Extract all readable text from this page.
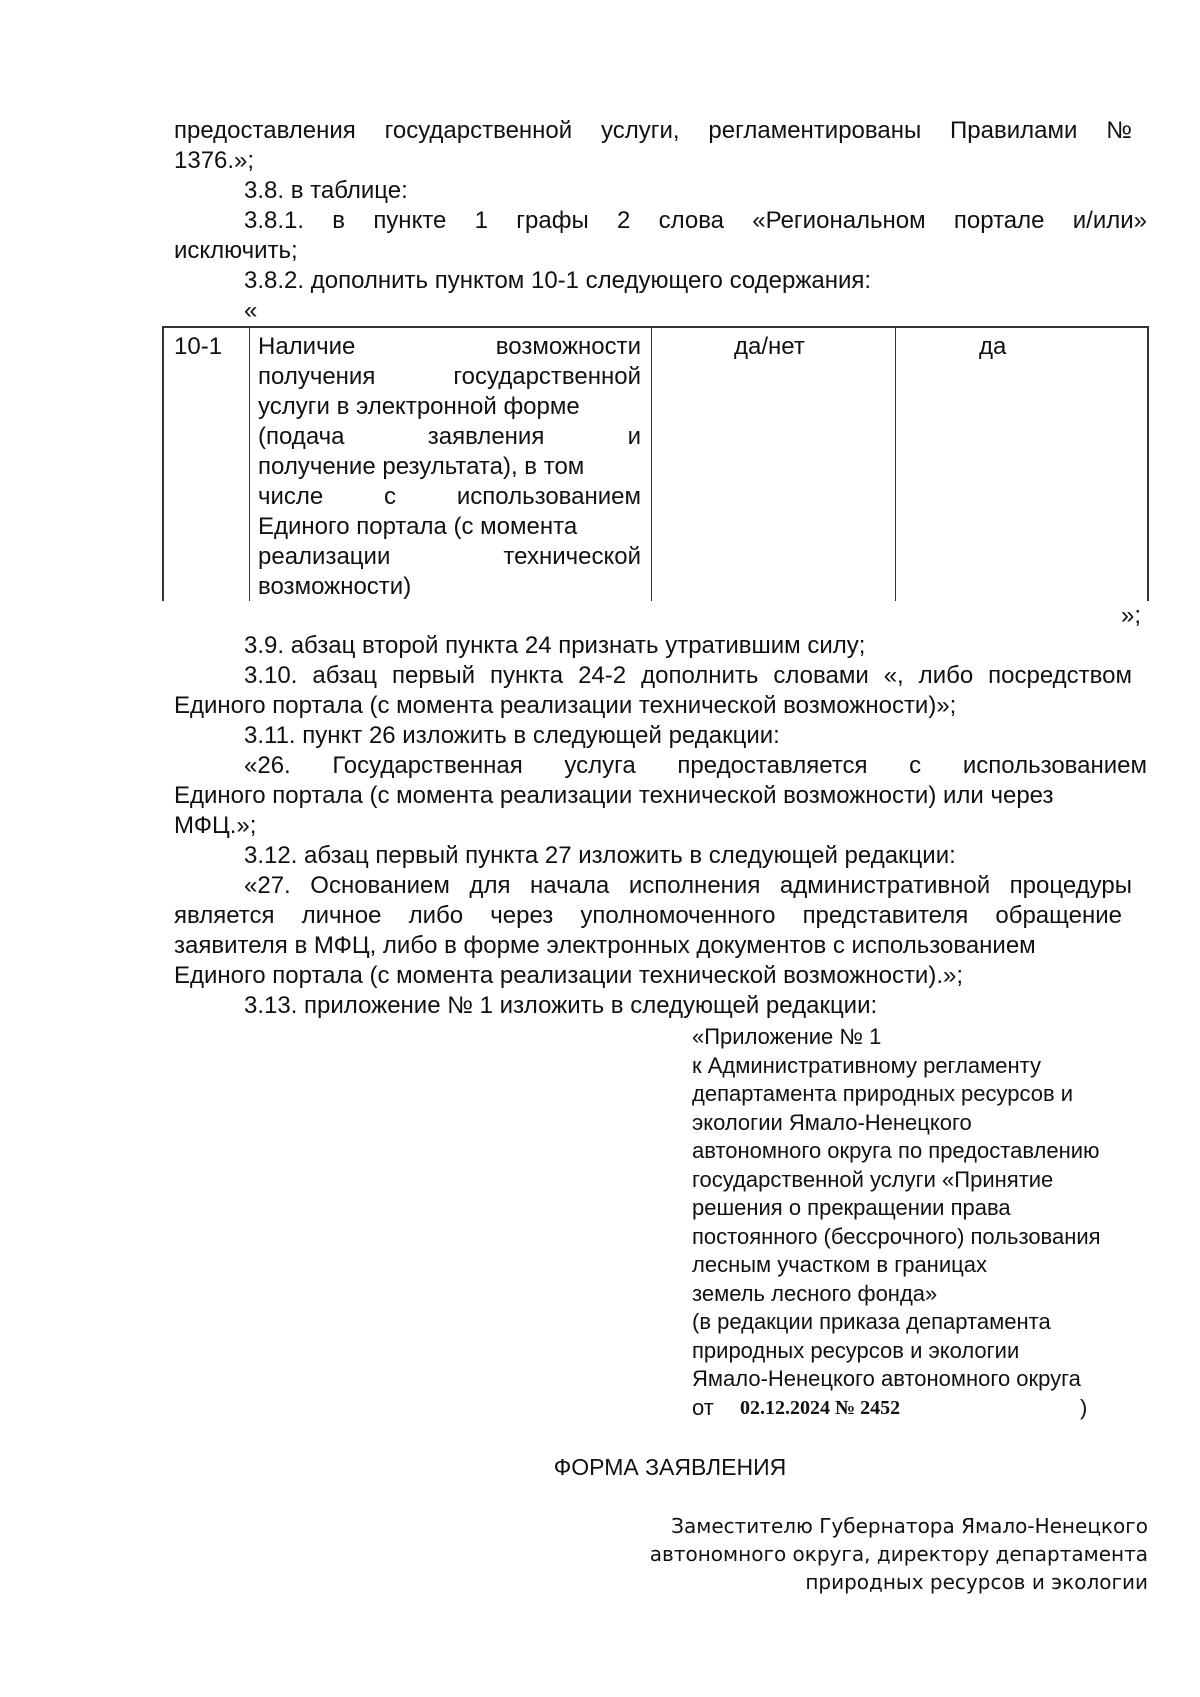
предоставления государственной услуги, регламентированы Правилами №
1376.»;
3.8. в таблице:
3.8.1. в пункте 1 графы 2 слова «Региональном портале и/или»
исключить;
3.8.2. дополнить пунктом 10-1 следующего содержания:
«
10-1 Наличие возможности
получения государственной
услуги в электронной форме
(подача заявления и
получение результата), в том
числе с использованием
Единого портала (с момента
реализации технической
возможности)
да/нет	да
»;
3.9. абзац второй пункта 24 признать утратившим силу;
3.10. абзац первый пункта 24-2 дополнить словами «, либо посредством
Единого портала (с момента реализации технической возможности)»;
3.11. пункт 26 изложить в следующей редакции:
«26. Государственная услуга предоставляется с использованием
Единого портала (с момента реализации технической возможности) или через
МФЦ.»;
3.12. абзац первый пункта 27 изложить в следующей редакции:
«27. Основанием для начала исполнения административной процедуры
является личное либо через уполномоченного представителя обращение
заявителя в МФЦ, либо в форме электронных документов с использованием
Единого портала (с момента реализации технической возможности).»;
3.13. приложение № 1 изложить в следующей редакции:
«Приложение № 1
к Административному регламенту
департамента природных ресурсов и
экологии Ямало-Ненецкого
автономного округа по предоставлению
государственной услуги «Принятие
решения о прекращении права
постоянного (бессрочного) пользования
лесным участком в границах
земель лесного фонда»
(в редакции приказа департамента
природных ресурсов и экологии
Ямало-Ненецкого автономного округа
от 02.12.2024 № 2452	)
ФОРМА ЗАЯВЛЕНИЯ
Заместителю Губернатора Ямало-Ненецкого
автономного округа, директору департамента
природных ресурсов и экологии
